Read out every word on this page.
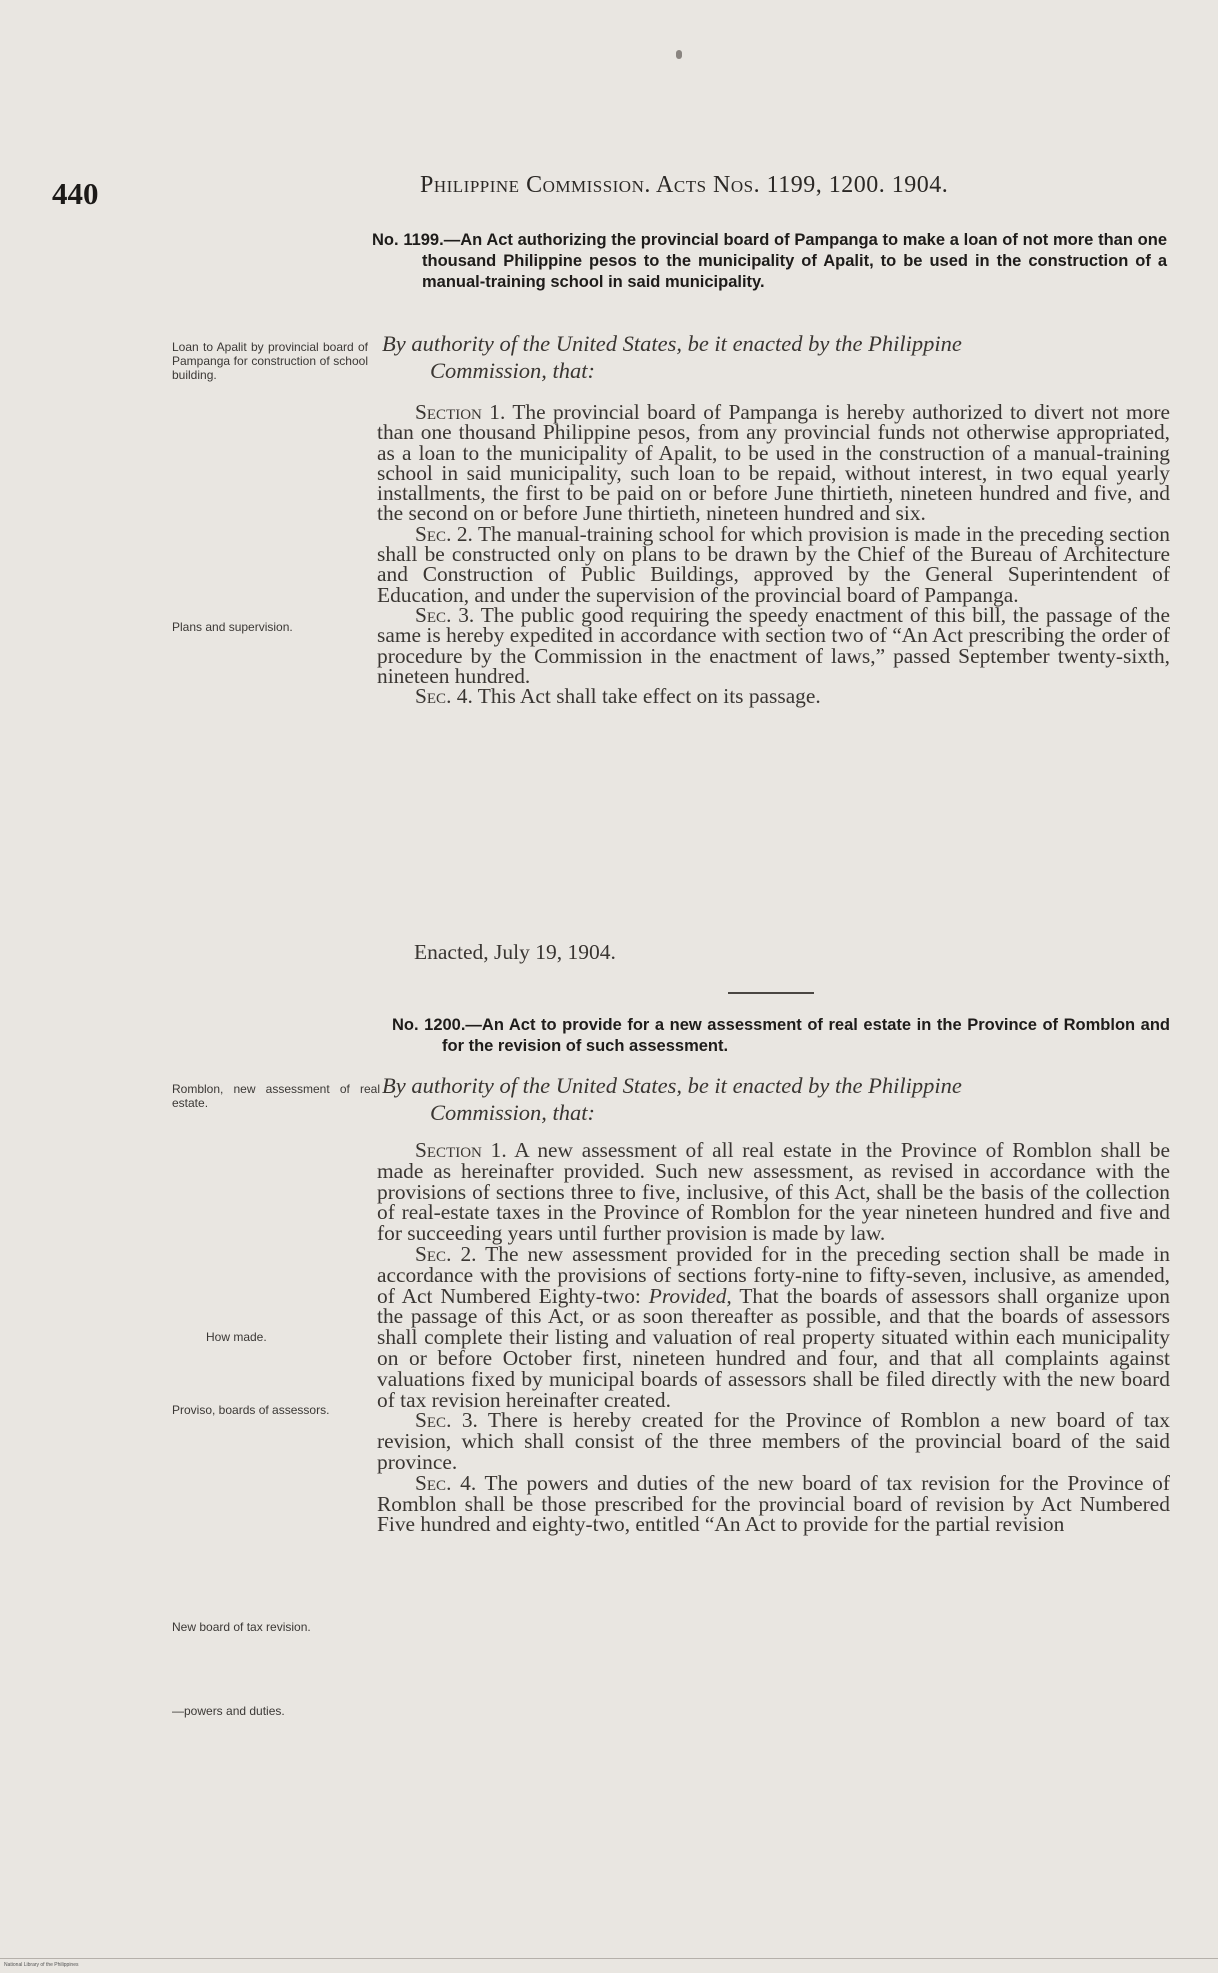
440	Philippine Commission. Acts Nos. 1199, 1200. 1904.
No. 1199.—An Act authorizing the provincial board of Pampanga to make a loan of not more than one thousand Philippine pesos to the municipality of Apalit, to be used in the construction of a manual-training school in said municipality.
Loan to Apalit by provincial board of Pampanga for construction of school building.
By authority of the United States, be it enacted by the Philippine
Commission, that:

Section 1. The provincial board of Pampanga is hereby authorized to divert not more than one thousand Philippine pesos, from any provincial funds not otherwise appropriated, as a loan to the municipality of Apalit, to be used in the construction of a manual-training school in said municipality, such loan to be repaid, without interest, in two equal yearly installments, the first to be paid on or before June thirtieth, nineteen hundred and five, and the second on or before June thirtieth, nineteen hundred and six.

Sec. 2. The manual-training school for which provision is made in the preceding section shall be constructed only on plans to be drawn by the Chief of the Bureau of Architecture and Construction of Public Buildings, approved by the General Superintendent of Education, and under the supervision of the provincial board of Pampanga.

Sec. 3. The public good requiring the speedy enactment of this bill, the passage of the same is hereby expedited in accordance with section two of “An Act prescribing the order of procedure by the Commission in the enactment of laws,” passed September twenty-sixth, nineteen hundred.

Sec. 4. This Act shall take effect on its passage.

Plans and supervision.
Enacted, July 19, 1904.
No. 1200.—An Act to provide for a new assessment of real estate in the Province of Romblon and for the revision of such assessment.
Romblon, new assessment of real estate.
By authority of the United States, be it enacted by the Philippine
Commission, that:

Section 1. A new assessment of all real estate in the Province of Romblon shall be made as hereinafter provided. Such new assessment, as revised in accordance with the provisions of sections three to five, inclusive, of this Act, shall be the basis of the collection of real-estate taxes in the Province of Romblon for the year nineteen hundred and five and for succeeding years until further provision is made by law.

Sec. 2. The new assessment provided for in the preceding section shall be made in accordance with the provisions of sections forty-nine to fifty-seven, inclusive, as amended, of Act Numbered Eighty-two: Provided, That the boards of assessors shall organize upon the passage of this Act, or as soon thereafter as possible, and that the boards of assessors shall complete their listing and valuation of real property situated within each municipality on or before October first, nineteen hundred and four, and that all complaints against valuations fixed by municipal boards of assessors shall be filed directly with the new board of tax revision hereinafter created.

Sec. 3. There is hereby created for the Province of Romblon a new board of tax revision, which shall consist of the three members of the provincial board of the said province.

Sec. 4. The powers and duties of the new board of tax revision for the Province of Romblon shall be those prescribed for the provincial board of revision by Act Numbered Five hundred and eighty-two, entitled “An Act to provide for the partial revision

How made.
Proviso, boards of assessors.
New board of tax revision.
—powers and duties.
National Library of the Philippines
